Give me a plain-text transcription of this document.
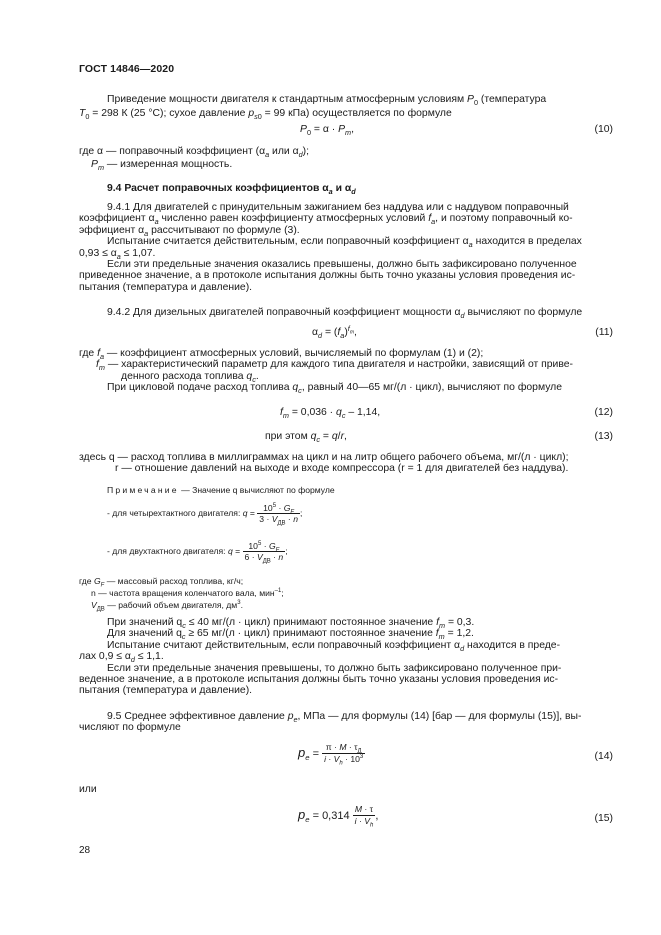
ГОСТ 14846—2020
Приведение мощности двигателя к стандартным атмосферным условиям $P_0$ (температура
$T_0 = 298$ К (25 °С); сухое давление $p_{s0} = 99$ кПа) осуществляется по формуле
$P_0 = \alpha \cdot P_m$,	(10)
где α — поправочный коэффициент ($\alpha_a$ или $\alpha_d$);
$P_m$ — измеренная мощность.
9.4 Расчет поправочных коэффициентов $\alpha_a$ и $\alpha_d$
9.4.1 Для двигателей с принудительным зажиганием без наддува или с наддувом поправочный
коэффициент $\alpha_a$ численно равен коэффициенту атмосферных условий $f_a$, и поэтому поправочный ко-
эффициент $\alpha_a$ рассчитывают по формуле (3).
Испытание считается действительным, если поправочный коэффициент $\alpha_a$ находится в пределах
$0,93 \le \alpha_a \le 1,07$.
Если эти предельные значения оказались превышены, должно быть зафиксировано полученное
приведенное значение, а в протоколе испытания должны быть точно указаны условия проведения ис-
пытания (температура и давление).
9.4.2 Для дизельных двигателей поправочный коэффициент мощности $\alpha_d$ вычисляют по формуле
$\alpha_d = (f_a)^{f_m}$,	(11)
где $f_a$ — коэффициент атмосферных условий, вычисляемый по формулам (1) и (2);
$f_m$ — характеристический параметр для каждого типа двигателя и настройки, зависящий от приве-
денного расхода топлива $q_c$.
При цикловой подаче расход топлива $q_c$, равный 40—65 мг/(л · цикл), вычисляют по формуле
$f_m = 0,036 \cdot q_c - 1,14$,	(12)
при этом $q_c = q/r$,	(13)
здесь q — расход топлива в миллиграммах на цикл и на литр общего рабочего объема, мг/(л · цикл);
r — отношение давлений на выходе и входе компрессора (r = 1 для двигателей без наддува).
Примечание — Значение q вычисляют по формуле
- для четырехтактного двигателя: $q = \frac{10^5 \cdot G_F}{3 \cdot V_{ДВ} \cdot n}$ ;
- для двухтактного двигателя: $q = \frac{10^5 \cdot G_F}{6 \cdot V_{ДВ} \cdot n}$ ;
где $G_F$ — массовый расход топлива, кг/ч;
n — частота вращения коленчатого вала, мин$^{-1}$;
$V_{ДВ}$ — рабочий объем двигателя, $дм^3$.
При значений $q_c \le 40$ мг/(л · цикл) принимают постоянное значение $f_m = 0,3$.
Для значений $q_c \ge 65$ мг/(л · цикл) принимают постоянное значение $f_m = 1,2$.
Испытание считают действительным, если поправочный коэффициент $\alpha_d$ находится в преде-
лах $0,9 \le \alpha_d \le 1,1$.
Если эти предельные значения превышены, то должно быть зафиксировано полученное при-
веденное значение, а в протоколе испытания должны быть точно указаны условия проведения ис-
пытания (температура и давление).
9.5 Среднее эффективное давление $p_e$, МПа — для формулы (14) [бар — для формулы (15)], вы-
числяют по формуле
$p_e = \frac{\pi \cdot M \cdot \tau_Д}{i \cdot V_h \cdot 10^3}$	(14)
или
$p_e = 0,314 \frac{M \cdot \tau}{i \cdot V_h}$ ,	(15)
28
